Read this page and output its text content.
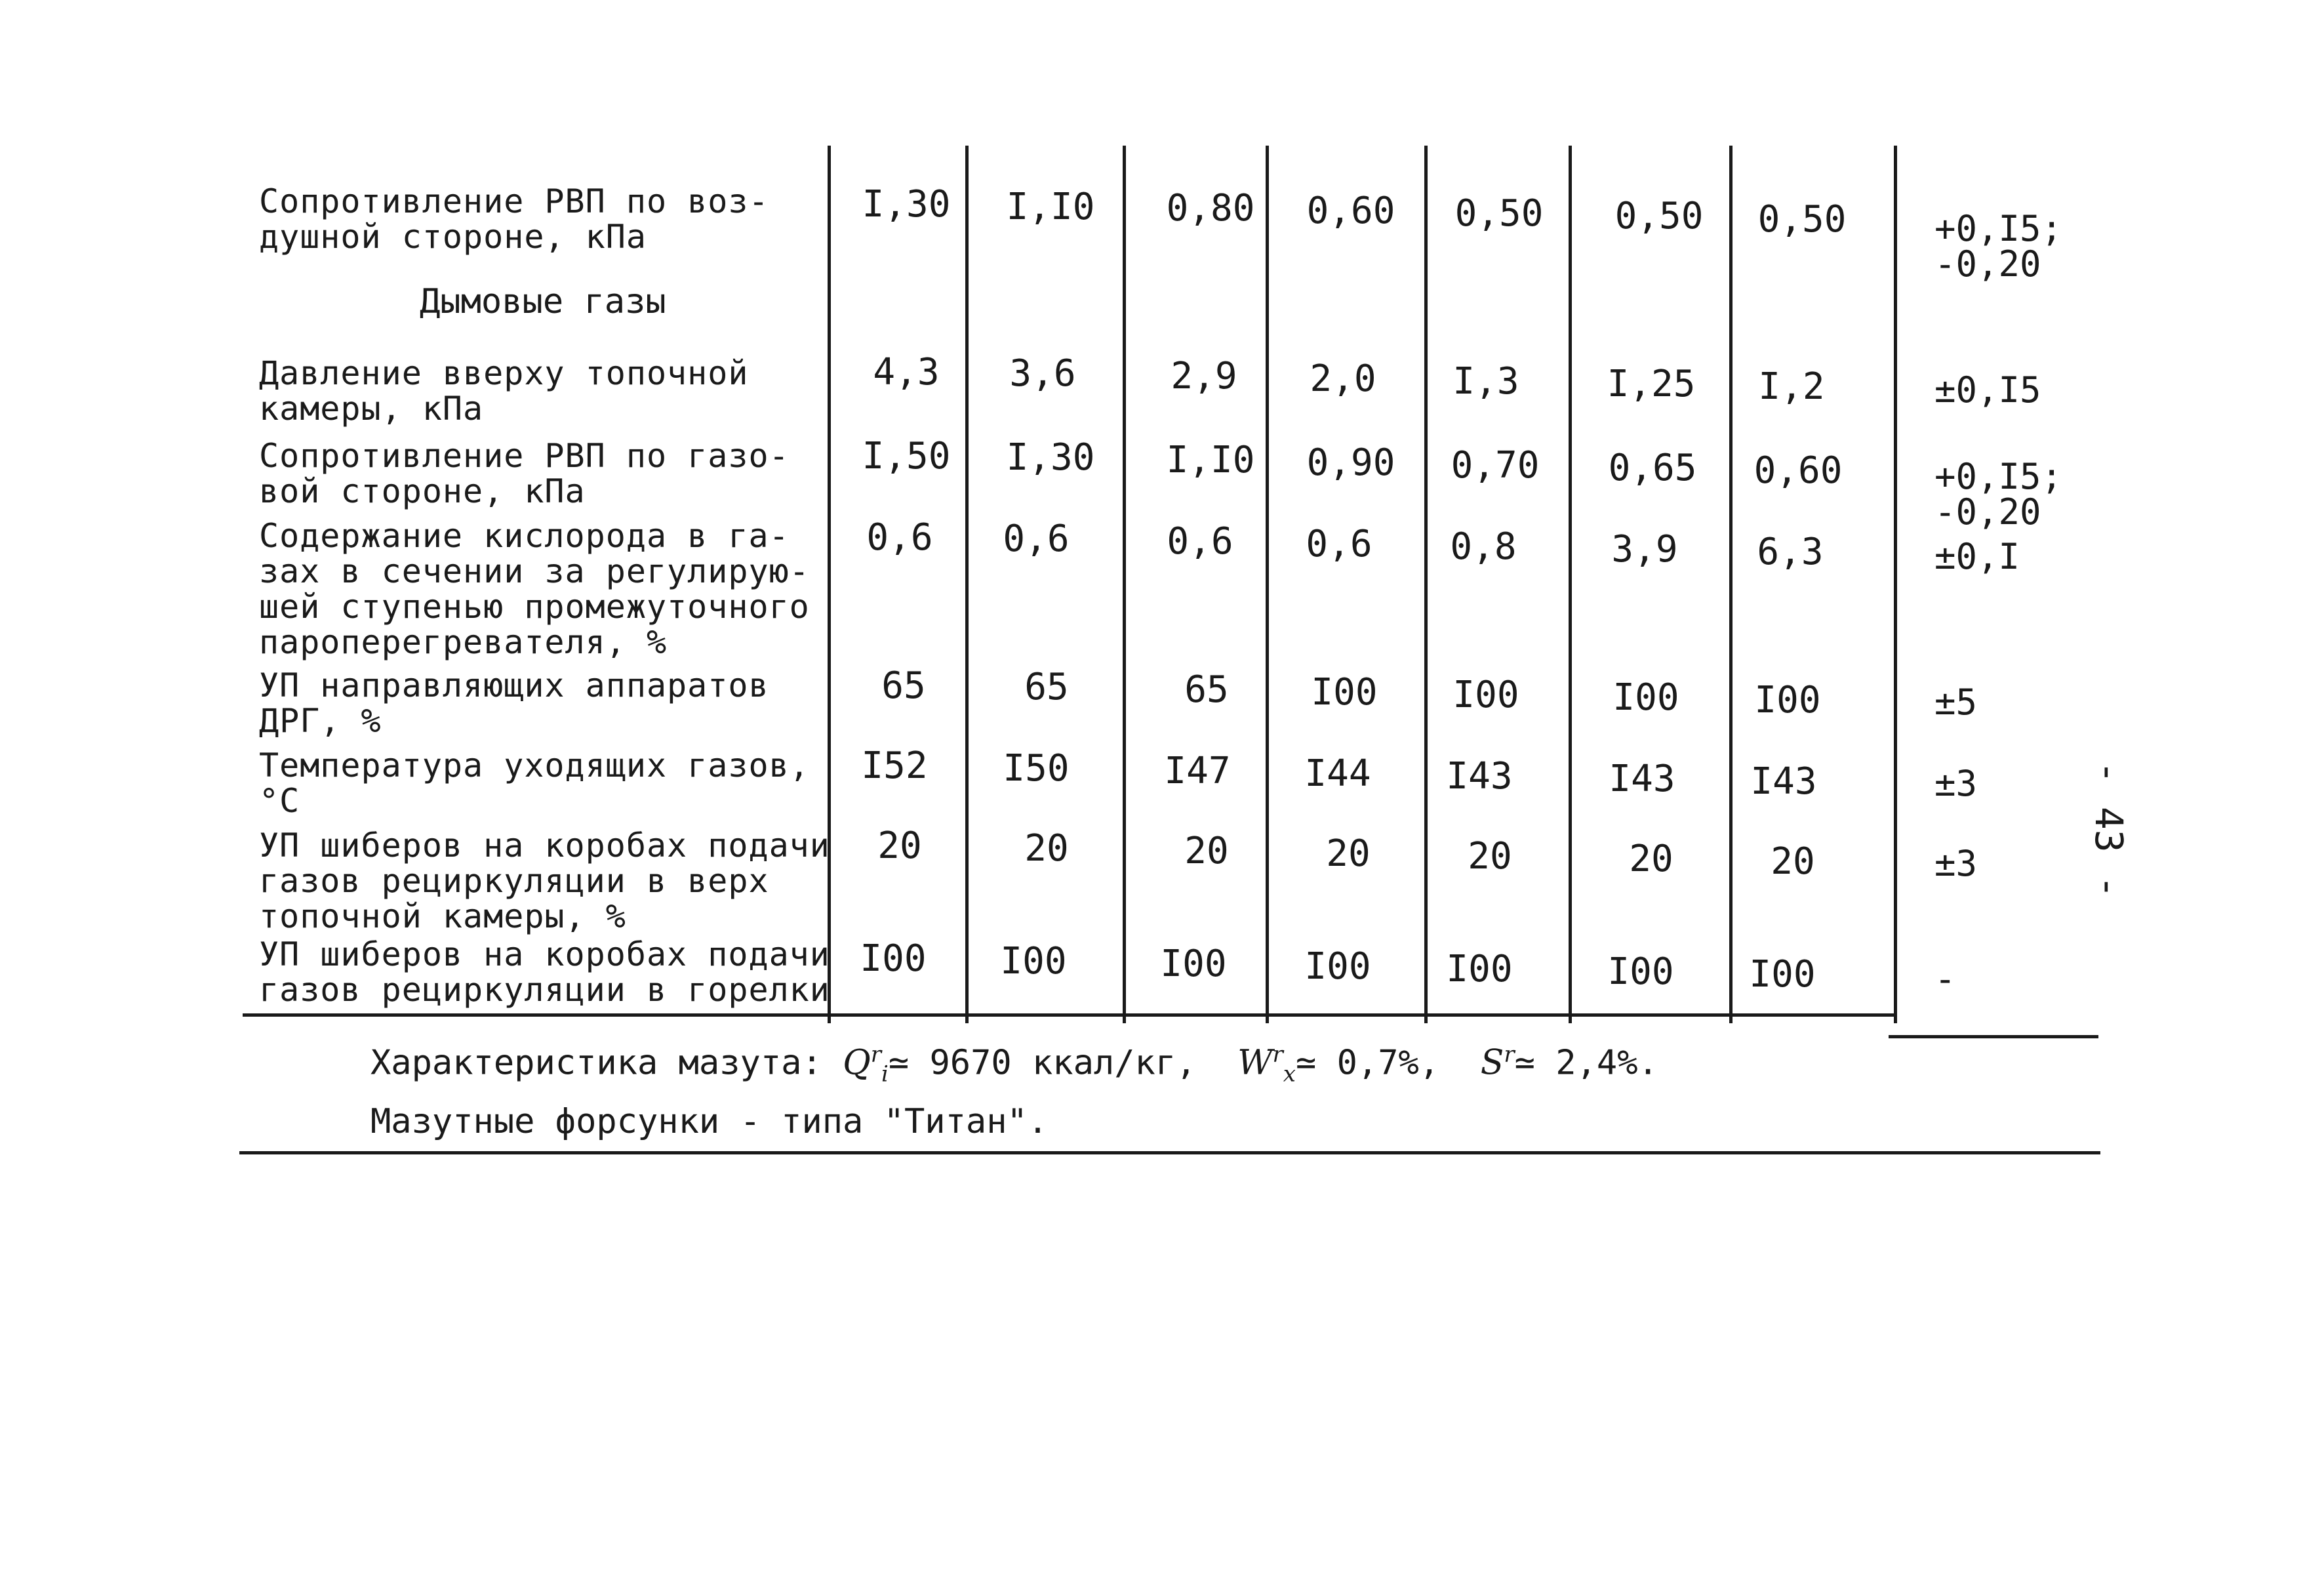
Сопротивление РВП по воз-
душной стороне, кПа
I,30	I,I0	0,80	0,60	0,50	0,50	0,50	+0,I5;
-0,20
Дымовые газы
Давление вверху топочной
камеры, кПа
4,3	3,6	2,9	2,0	I,3	I,25	I,2	±0,I5
Сопротивление РВП по газо-
вой стороне, кПа
I,50	I,30	I,I0	0,90	0,70	0,65	0,60	+0,I5;
-0,20
Содержание кислорода в га-
зах в сечении за регулирую-
шей ступенью промежуточного
пароперегревателя, %
0,6	0,6	0,6	0,6	0,8	3,9	6,3	±0,I
УП направляющих аппаратов
ДРГ, %
65	65	65	I00	I00	I00	I00	±5
Температура уходящих газов,
°С
I52	I50	I47	I44	I43	I43	I43	±3
УП шиберов на коробах подачи
газов рециркуляции в верх
топочной камеры, %
20	20	20	20	20	20	20	±3
УП шиберов на коробах подачи
газов рециркуляции в горелки
I00	I00	I00	I00	I00	I00	I00	-
Характеристика мазута: $Q^r_i≃$ 9670 ккал/кг, $W^r_x≃$ 0,7%, $S^r≃$ 2,4%.
Мазутные форсунки - типа "Титан".
- 43 -
